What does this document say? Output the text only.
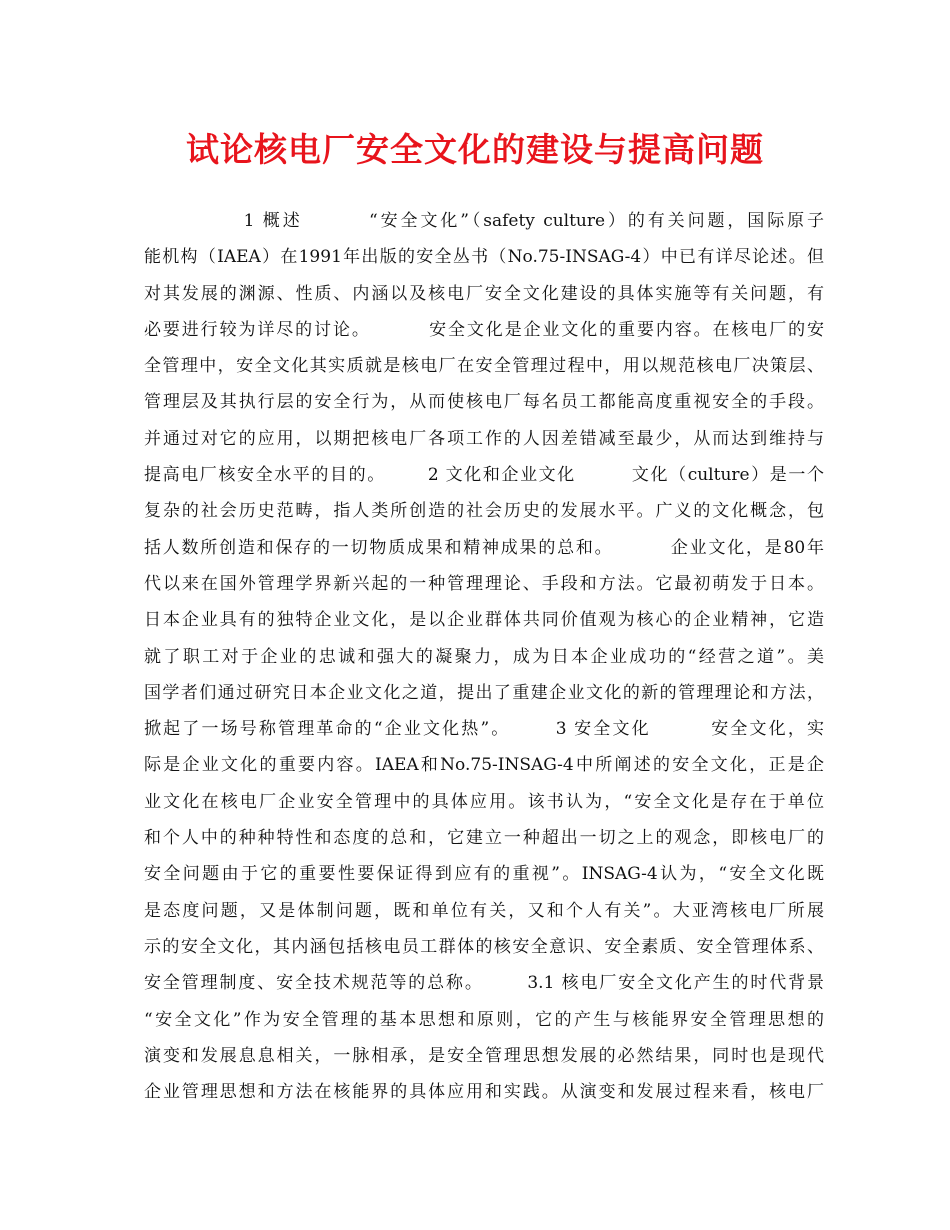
试论核电厂安全文化的建设与提高问题
1 概述        “安全文化”（safety culture）的有关问题，国际原子
能机构（IAEA）在1991年出版的安全丛书（No.75-INSAG-4）中已有详尽论述。但
对其发展的渊源、性质、内涵以及核电厂安全文化建设的具体实施等有关问题，有
必要进行较为详尽的讨论。        安全文化是企业文化的重要内容。在核电厂的安
全管理中，安全文化其实质就是核电厂在安全管理过程中，用以规范核电厂决策层、
管理层及其执行层的安全行为，从而使核电厂每名员工都能高度重视安全的手段。
并通过对它的应用，以期把核电厂各项工作的人因差错减至最少，从而达到维持与
提高电厂核安全水平的目的。      2 文化和企业文化        文化（culture）是一个
复杂的社会历史范畴，指人类所创造的社会历史的发展水平。广义的文化概念，包
括人数所创造和保存的一切物质成果和精神成果的总和。        企业文化，是80年
代以来在国外管理学界新兴起的一种管理理论、手段和方法。它最初萌发于日本。
日本企业具有的独特企业文化，是以企业群体共同价值观为核心的企业精神，它造
就了职工对于企业的忠诚和强大的凝聚力，成为日本企业成功的“经营之道”。美
国学者们通过研究日本企业文化之道，提出了重建企业文化的新的管理理论和方法，
掀起了一场号称管理革命的“企业文化热”。      3 安全文化        安全文化，实
际是企业文化的重要内容。IAEA和No.75-INSAG-4中所阐述的安全文化，正是企
业文化在核电厂企业安全管理中的具体应用。该书认为，“安全文化是存在于单位
和个人中的种种特性和态度的总和，它建立一种超出一切之上的观念，即核电厂的
安全问题由于它的重要性要保证得到应有的重视”。INSAG-4认为，“安全文化既
是态度问题，又是体制问题，既和单位有关，又和个人有关”。大亚湾核电厂所展
示的安全文化，其内涵包括核电员工群体的核安全意识、安全素质、安全管理体系、
安全管理制度、安全技术规范等的总称。      3.1 核电厂安全文化产生的时代背景
“安全文化”作为安全管理的基本思想和原则，它的产生与核能界安全管理思想的
演变和发展息息相关，一脉相承，是安全管理思想发展的必然结果，同时也是现代
企业管理思想和方法在核能界的具体应用和实践。从演变和发展过程来看，核电厂
